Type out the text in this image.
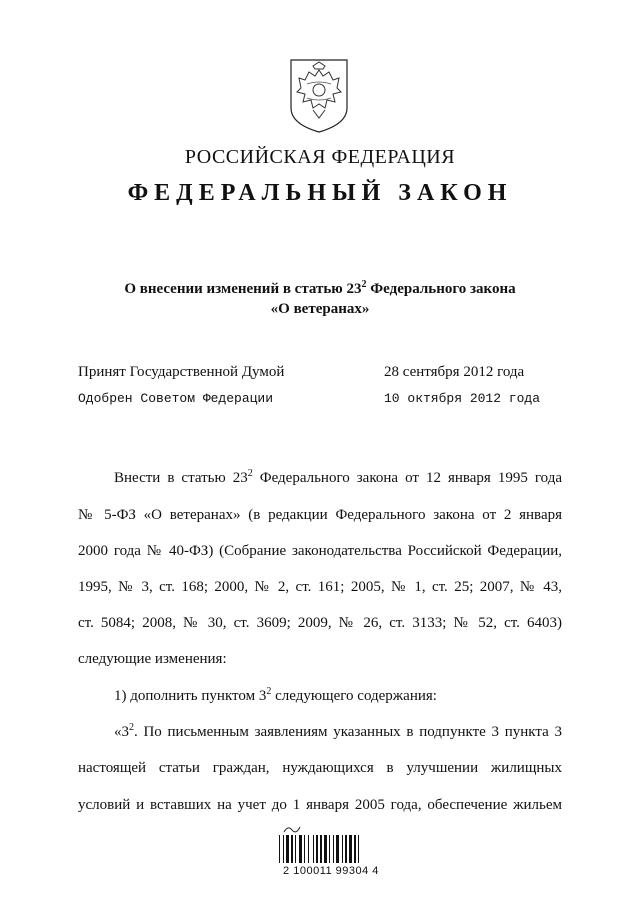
РОССИЙСКАЯ ФЕДЕРАЦИЯ
ФЕДЕРАЛЬНЫЙ ЗАКОН
О внесении изменений в статью $23^2$ Федерального закона
«О ветеранах»
Принят Государственной Думой	28 сентября 2012 года
Одобрен Советом Федерации	10 октября 2012 года
Внести в статью $23^2$ Федерального закона от 12 января 1995 года
№ 5-ФЗ «О ветеранах» (в редакции Федерального закона от 2 января
2000 года № 40-ФЗ) (Собрание законодательства Российской Федерации,
1995, № 3, ст. 168; 2000, № 2, ст. 161; 2005, № 1, ст. 25; 2007, № 43,
ст. 5084; 2008, № 30, ст. 3609; 2009, № 26, ст. 3133; № 52, ст. 6403)
следующие изменения:
1) дополнить пунктом $3^2$ следующего содержания:
«$3^2$. По письменным заявлениям указанных в подпункте 3 пункта 3
настоящей статьи граждан, нуждающихся в улучшении жилищных
условий и вставших на учет до 1 января 2005 года, обеспечение жильем
2 100011 99304 4
